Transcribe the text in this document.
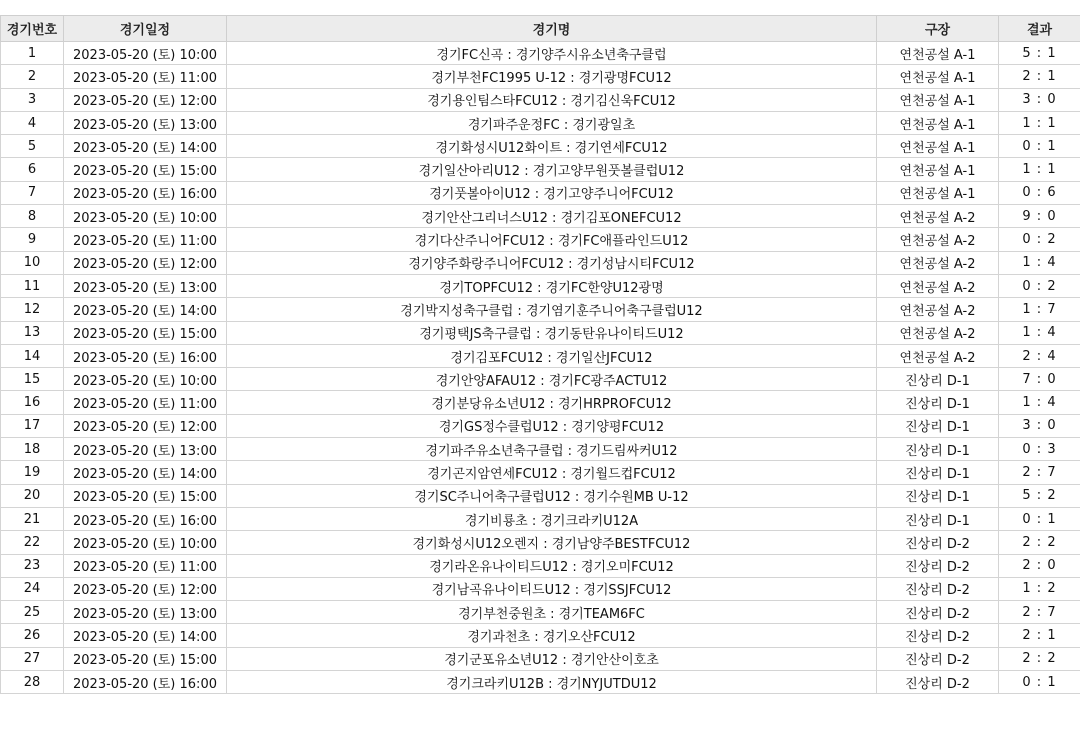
경기번호	경기일정	경기명	구장	결과
1	2023-05-20 (토) 10:00	경기FC신곡 : 경기양주시유소년축구클럽	연천공설 A-1	5 : 1
2	2023-05-20 (토) 11:00	경기부천FC1995 U-12 : 경기광명FCU12	연천공설 A-1	2 : 1
3	2023-05-20 (토) 12:00	경기용인팀스타FCU12 : 경기김신욱FCU12	연천공설 A-1	3 : 0
4	2023-05-20 (토) 13:00	경기파주운정FC : 경기광일초	연천공설 A-1	1 : 1
5	2023-05-20 (토) 14:00	경기화성시U12화이트 : 경기연세FCU12	연천공설 A-1	0 : 1
6	2023-05-20 (토) 15:00	경기일산아리U12 : 경기고양무원풋볼클럽U12	연천공설 A-1	1 : 1
7	2023-05-20 (토) 16:00	경기풋볼아이U12 : 경기고양주니어FCU12	연천공설 A-1	0 : 6
8	2023-05-20 (토) 10:00	경기안산그리너스U12 : 경기김포ONEFCU12	연천공설 A-2	9 : 0
9	2023-05-20 (토) 11:00	경기다산주니어FCU12 : 경기FC애플라인드U12	연천공설 A-2	0 : 2
10	2023-05-20 (토) 12:00	경기양주화랑주니어FCU12 : 경기성남시티FCU12	연천공설 A-2	1 : 4
11	2023-05-20 (토) 13:00	경기TOPFCU12 : 경기FC한양U12광명	연천공설 A-2	0 : 2
12	2023-05-20 (토) 14:00	경기박지성축구클럽 : 경기염기훈주니어축구클럽U12	연천공설 A-2	1 : 7
13	2023-05-20 (토) 15:00	경기평택JS축구클럽 : 경기동탄유나이티드U12	연천공설 A-2	1 : 4
14	2023-05-20 (토) 16:00	경기김포FCU12 : 경기일산JFCU12	연천공설 A-2	2 : 4
15	2023-05-20 (토) 10:00	경기안양AFAU12 : 경기FC광주ACTU12	진상리 D-1	7 : 0
16	2023-05-20 (토) 11:00	경기분당유소년U12 : 경기HRPROFCU12	진상리 D-1	1 : 4
17	2023-05-20 (토) 12:00	경기GS정수클럽U12 : 경기양평FCU12	진상리 D-1	3 : 0
18	2023-05-20 (토) 13:00	경기파주유소년축구클럽 : 경기드림싸커U12	진상리 D-1	0 : 3
19	2023-05-20 (토) 14:00	경기곤지암연세FCU12 : 경기월드컵FCU12	진상리 D-1	2 : 7
20	2023-05-20 (토) 15:00	경기SC주니어축구클럽U12 : 경기수원MB U-12	진상리 D-1	5 : 2
21	2023-05-20 (토) 16:00	경기비룡초 : 경기크라키U12A	진상리 D-1	0 : 1
22	2023-05-20 (토) 10:00	경기화성시U12오렌지 : 경기남양주BESTFCU12	진상리 D-2	2 : 2
23	2023-05-20 (토) 11:00	경기라온유나이티드U12 : 경기오미FCU12	진상리 D-2	2 : 0
24	2023-05-20 (토) 12:00	경기남곡유나이티드U12 : 경기SSJFCU12	진상리 D-2	1 : 2
25	2023-05-20 (토) 13:00	경기부천중원초 : 경기TEAM6FC	진상리 D-2	2 : 7
26	2023-05-20 (토) 14:00	경기과천초 : 경기오산FCU12	진상리 D-2	2 : 1
27	2023-05-20 (토) 15:00	경기군포유소년U12 : 경기안산이호초	진상리 D-2	2 : 2
28	2023-05-20 (토) 16:00	경기크라키U12B : 경기NYJUTDU12	진상리 D-2	0 : 1
